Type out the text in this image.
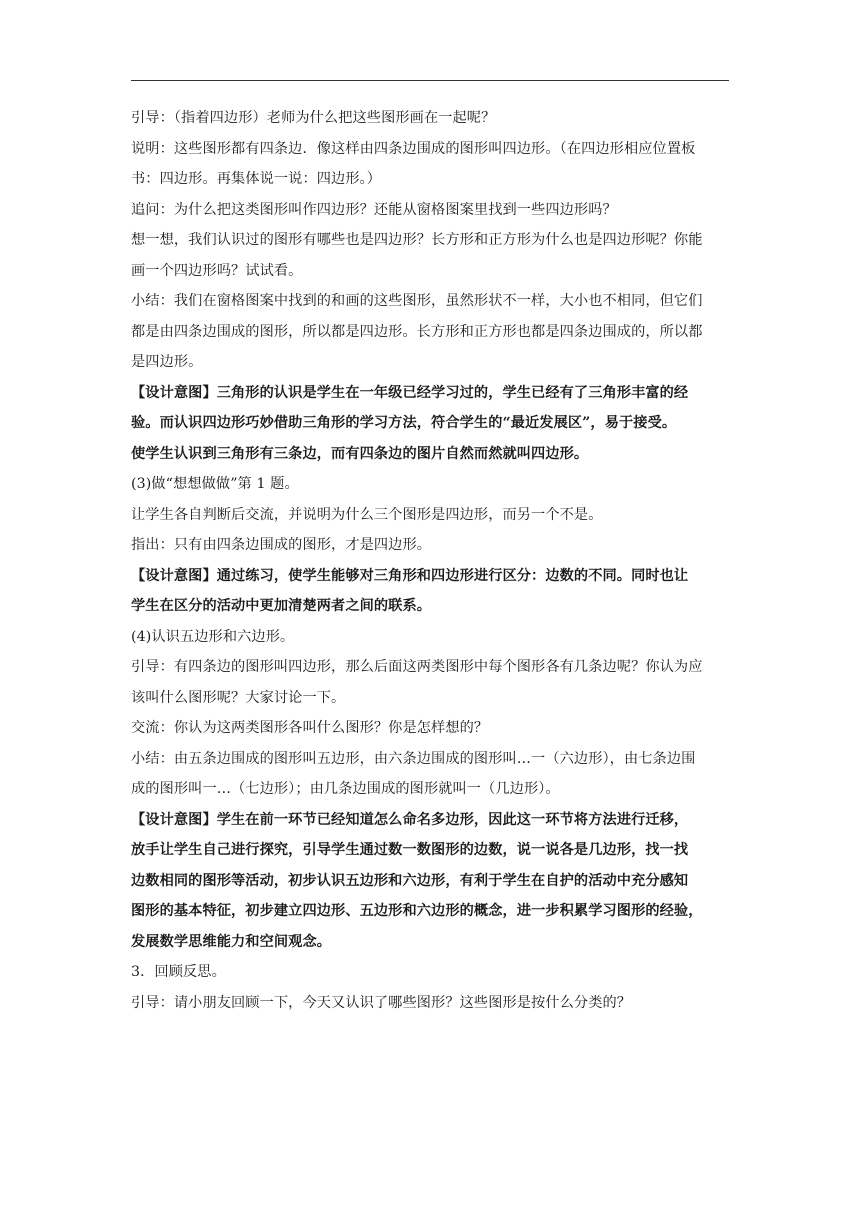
引导：（指着四边形）老师为什么把这些图形画在一起呢？

说明：这些图形都有四条边．像这样由四条边围成的图形叫四边形。（在四边形相应位置板

书：四边形。再集体说一说：四边形。）

追问：为什么把这类图形叫作四边形？还能从窗格图案里找到一些四边形吗？

想一想，我们认识过的图形有哪些也是四边形？长方形和正方形为什么也是四边形呢？你能

画一个四边形吗？试试看。

小结：我们在窗格图案中找到的和画的这些图形，虽然形状不一样，大小也不相同，但它们

都是由四条边围成的图形，所以都是四边形。长方形和正方形也都是四条边围成的，所以都

是四边形。

【设计意图】三角形的认识是学生在一年级已经学习过的，学生已经有了三角形丰富的经

验。而认识四边形巧妙借助三角形的学习方法，符合学生的“最近发展区”，易于接受。

使学生认识到三角形有三条边，而有四条边的图片自然而然就叫四边形。

(3)做“想想做做”第 1 题。

让学生各自判断后交流，并说明为什么三个图形是四边形，而另一个不是。

指出：只有由四条边围成的图形，才是四边形。

【设计意图】通过练习，使学生能够对三角形和四边形进行区分：边数的不同。同时也让

学生在区分的活动中更加清楚两者之间的联系。

(4)认识五边形和六边形。

引导：有四条边的图形叫四边形，那么后面这两类图形中每个图形各有几条边呢？你认为应

该叫什么图形呢？大家讨论一下。

交流：你认为这两类图形各叫什么图形？你是怎样想的？

小结：由五条边围成的图形叫五边形，由六条边围成的图形叫…一（六边形），由七条边围

成的图形叫一…（七边形）；由几条边围成的图形就叫一（几边形）。

【设计意图】学生在前一环节已经知道怎么命名多边形，因此这一环节将方法进行迁移，

放手让学生自己进行探究，引导学生通过数一数图形的边数，说一说各是几边形，找一找

边数相同的图形等活动，初步认识五边形和六边形，有利于学生在自护的活动中充分感知

图形的基本特征，初步建立四边形、五边形和六边形的概念，进一步积累学习图形的经验，

发展数学思维能力和空间观念。

3．回顾反思。

引导：请小朋友回顾一下，今天又认识了哪些图形？这些图形是按什么分类的？
